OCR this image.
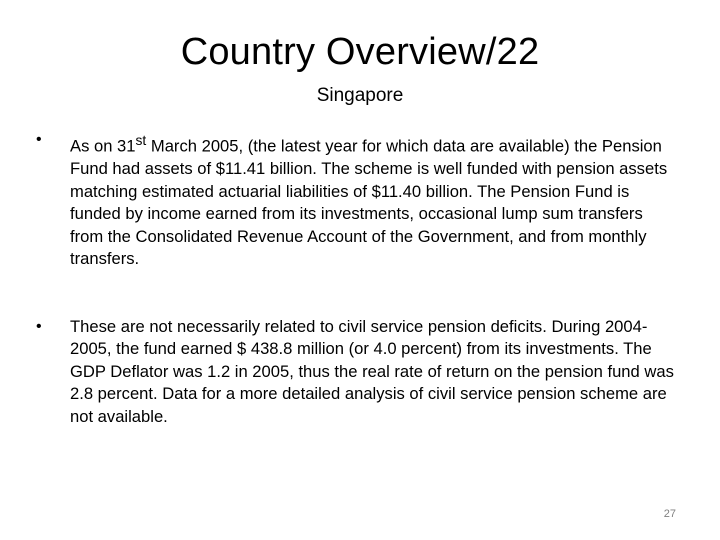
Country Overview/22
Singapore
•	As on 31st March 2005, (the latest year for which data are available) the Pension Fund had assets of $11.41 billion. The scheme is well funded with pension assets matching estimated actuarial liabilities of $11.40 billion. The Pension Fund is funded by income earned from its investments, occasional lump sum transfers from the Consolidated Revenue Account of the Government, and from monthly transfers.
•	These are not necessarily related to civil service pension deficits. During 2004-2005, the fund earned $ 438.8 million (or 4.0 percent) from its investments. The GDP Deflator was 1.2 in 2005, thus the real rate of return on the pension fund was 2.8 percent. Data for a more detailed analysis of civil service pension scheme are not available.
27
